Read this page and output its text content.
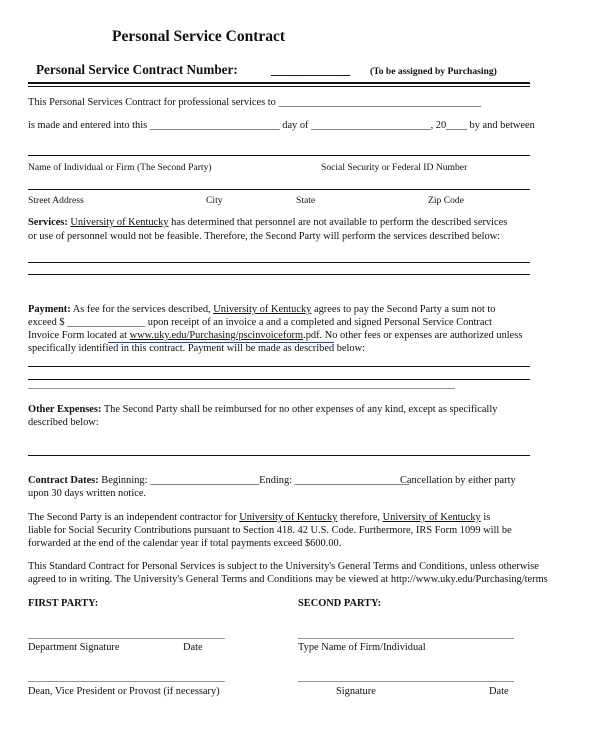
Personal Service Contract
Personal Service Contract Number:	____________ (To be assigned by Purchasing)
This Personal Services Contract for professional services to _______________________________________
is made and entered into this _________________________ day of _______________________, 20____ by and between
Name of Individual or Firm (The Second Party)	Social Security or Federal ID Number
Street Address	City	State	Zip Code
Services: University of Kentucky has determined that personnel are not available to perform the described services
or use of personnel would not be feasible. Therefore, the Second Party will perform the services described below:
Payment: As fee for the services described, University of Kentucky agrees to pay the Second Party a sum not to
exceed $ _______________ upon receipt of an invoice a and a completed and signed Personal Service Contract
Invoice Form located at www.uky.edu/Purchasing/pscinvoiceform.pdf. No other fees or expenses are authorized unless
specifically identified in this contract. Payment will be made as described below:
_________________________________________________________________________________________
Other Expenses: The Second Party shall be reimbursed for no other expenses of any kind, except as specifically
described below:
Contract Dates: Beginning: _____________________Ending: ______________________
Cancellation by either party
upon 30 days written notice.
The Second Party is an independent contractor for University of Kentucky therefore, University of Kentucky is
liable for Social Security Contributions pursuant to Section 418. 42 U.S. Code. Furthermore, IRS Form 1099 will be
forwarded at the end of the calendar year if total payments exceed $600.00.
This Standard Contract for Personal Services is subject to the University's General Terms and Conditions, unless otherwise
agreed to in writing. The University's General Terms and Conditions may be viewed at http://www.uky.edu/Purchasing/terms
FIRST PARTY:	SECOND PARTY:
_________________________________________	_____________________________________________
Department Signature	Date	Type Name of Firm/Individual
_________________________________________	_____________________________________________
Dean, Vice President or Provost (if necessary)	Signature	Date
